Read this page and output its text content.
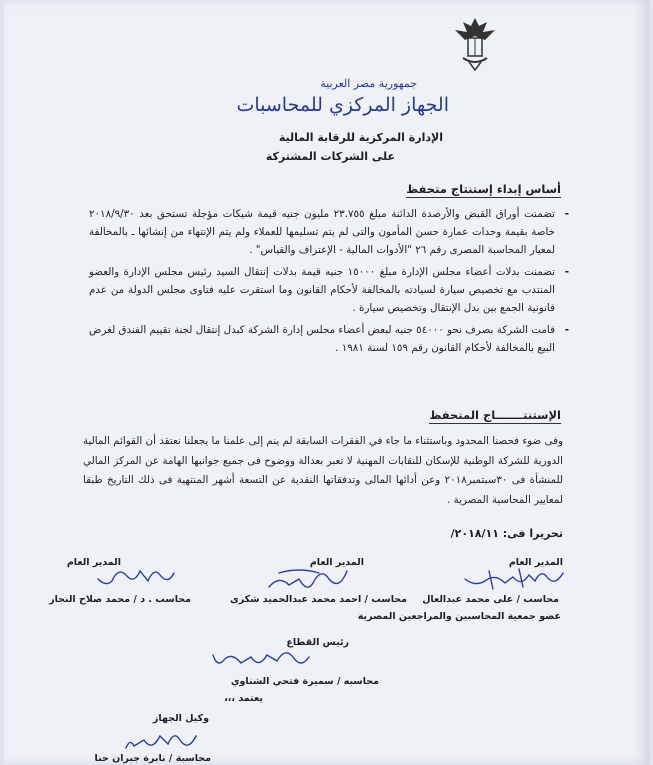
جمهورية مصر العربية
الجهاز المركزي للمحاسبات
الإدارة المركزية للرقابة المالية
على الشركات المشتركة
أساس إبداء إستنتاج متحفظ
- تضمنت أوراق القبض والأرصدة الدائنة مبلغ ٢٣.٧٥٥ مليون جنيه قيمة شيكات مؤجلة تستحق بعد ٢٠١٨/٩/٣٠ خاصة بقيمة وحدات عمارة حسن المأمون والتى لم يتم تسليمها للعملاء ولم يتم الإنتهاء من إنشائها ـ بالمخالفة لمعيار المحاسبة المصرى رقم ٢٦ "الأدوات المالية - الإعتراف والقياس" .
- تضمنت بدلات أعضاء مجلس الإدارة مبلغ ١٥٠٠٠ جنيه قيمة بدلات إنتقال السيد رئيس مجلس الإدارة والعضو المنتدب مع تخصيص سيارة لسيادته بالمخالفة لأحكام القانون وما استقرت عليه فتاوى مجلس الدولة من عدم قانونية الجمع بين بدل الإنتقال وتخصيص سيارة .
- قامت الشركة بصرف نحو ٥٤٠٠٠ جنيه لبعض أعضاء مجلس إدارة الشركة كبدل إنتقال لجنة تقييم الفندق لغرض البيع بالمخالفة لأحكام القانون رقم ١٥٩ لسنة ١٩٨١ .
الإستنتـــــــاج المتحفظ
وفى ضوء فحصنا المحدود وباستثناء ما جاء في الفقرات السابقة لم ينم إلى علمنا ما يجعلنا نعتقد أن القوائم المالية الدورية للشركة الوطنية للإسكان للنقابات المهنية لا تعبر بعدالة ووضوح فى جميع جوانبها الهامة عن المركز المالي للمنشأة فى ٣٠سبتمبر٢٠١٨ وعن أدائها المالى وتدفقاتها النقدية عن التسعة أشهر المنتهية فى ذلك التاريخ طبقا لمعايير المحاسبة المصرية .
تحريرا فى: ٢٠١٨/١١/
المدير العام
محاسب / على محمد عبدالعال
عضو جمعية المحاسبين والمراجعين المصرية
المدير العام
محاسب / احمد محمد عبدالحميد شكرى
المدير العام
محاسب . د / محمد صلاح النجار
رئيس القطاع
محاسبه / سميرة فتحي الشناوي
يعتمد ،،،
وكيل الجهاز
محاسبة / نابرة جبران حنا
